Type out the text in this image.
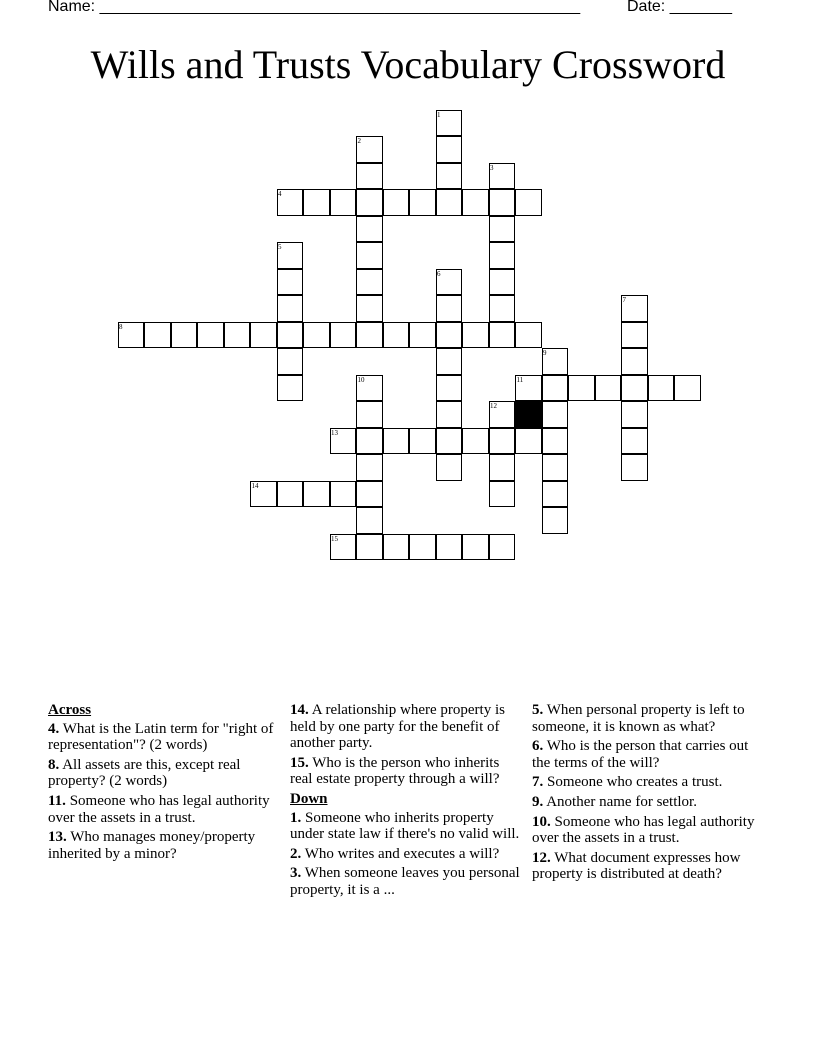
Name: ______________________________________________________	Date: _______
Wills and Trusts Vocabulary Crossword
1
2
3
4
5
6
7
8
9
10	11
12
13
14
15
Across
4. What is the Latin term for "right of representation"? (2 words)
8. All assets are this, except real property? (2 words)
11. Someone who has legal authority over the assets in a trust.
13. Who manages money/property inherited by a minor?
14. A relationship where property is held by one party for the benefit of another party.
15. Who is the person who inherits real estate property through a will?
Down
1. Someone who inherits property under state law if there's no valid will.
2. Who writes and executes a will?
3. When someone leaves you personal property, it is a ...
5. When personal property is left to someone, it is known as what?
6. Who is the person that carries out the terms of the will?
7. Someone who creates a trust.
9. Another name for settlor.
10. Someone who has legal authority over the assets in a trust.
12. What document expresses how property is distributed at death?
